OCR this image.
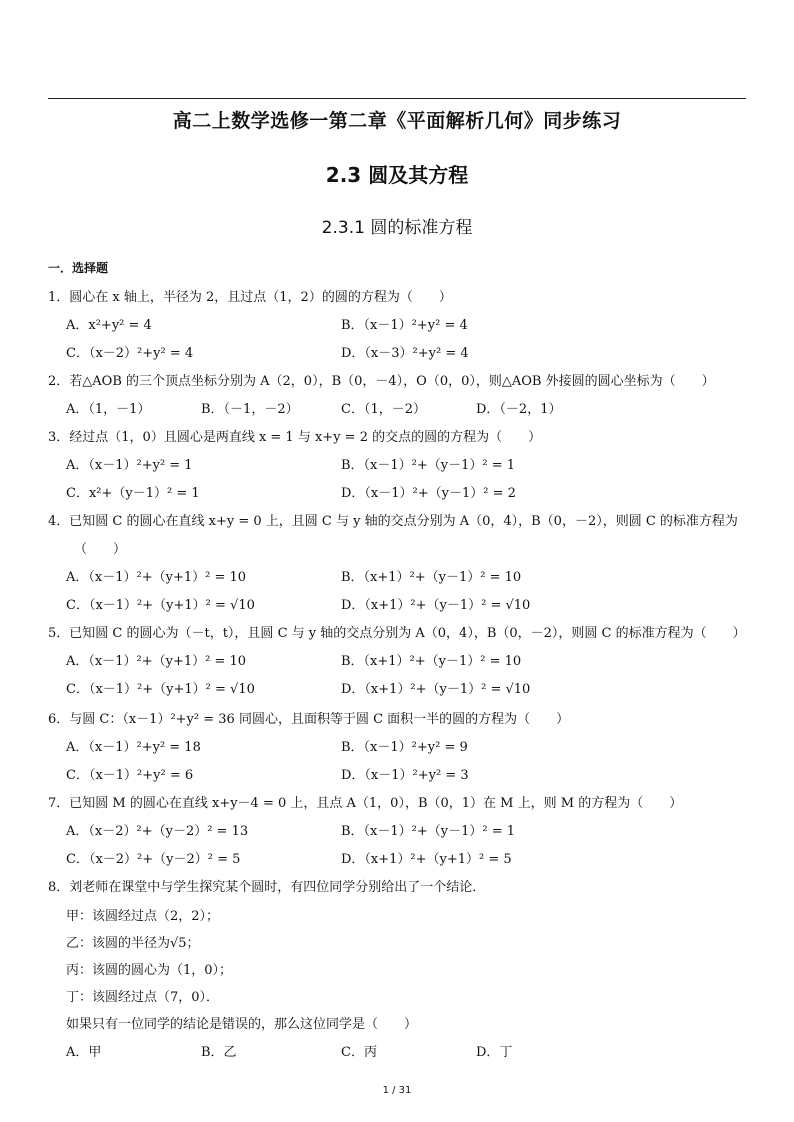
高二上数学选修一第二章《平面解析几何》同步练习
2.3 圆及其方程
2.3.1 圆的标准方程
一．选择题
1．圆心在 x 轴上，半径为 2，且过点（1，2）的圆的方程为（　　）
A．x²+y² = 4	B．（x－1）²+y² = 4
C．（x－2）²+y² = 4	D．（x－3）²+y² = 4
2．若△AOB 的三个顶点坐标分别为 A（2，0），B（0，－4），O（0，0），则△AOB 外接圆的圆心坐标为（　　）
A．（1，－1）	B．（－1，－2）	C．（1，－2）	D．（－2，1）
3．经过点（1，0）且圆心是两直线 x = 1 与 x+y = 2 的交点的圆的方程为（　　）
A．（x－1）²+y² = 1	B．（x－1）²+（y－1）² = 1
C．x²+（y－1）² = 1	D．（x－1）²+（y－1）² = 2
4．已知圆 C 的圆心在直线 x+y = 0 上，且圆 C 与 y 轴的交点分别为 A（0，4），B（0，－2），则圆 C 的标准方程为
（　　）
A．（x－1）²+（y+1）² = 10	B．（x+1）²+（y－1）² = 10
C．（x－1）²+（y+1）² = √10	D．（x+1）²+（y－1）² = √10
5．已知圆 C 的圆心为（－t，t），且圆 C 与 y 轴的交点分别为 A（0，4），B（0，－2），则圆 C 的标准方程为（　　）
A．（x－1）²+（y+1）² = 10	B．（x+1）²+（y－1）² = 10
C．（x－1）²+（y+1）² = √10	D．（x+1）²+（y－1）² = √10
6．与圆 C：（x－1）²+y² = 36 同圆心，且面积等于圆 C 面积一半的圆的方程为（　　）
A．（x－1）²+y² = 18	B．（x－1）²+y² = 9
C．（x－1）²+y² = 6	D．（x－1）²+y² = 3
7．已知圆 M 的圆心在直线 x+y－4 = 0 上，且点 A（1，0），B（0，1）在 M 上，则 M 的方程为（　　）
A．（x－2）²+（y－2）² = 13	B．（x－1）²+（y－1）² = 1
C．（x－2）²+（y－2）² = 5	D．（x+1）²+（y+1）² = 5
8．刘老师在课堂中与学生探究某个圆时，有四位同学分别给出了一个结论．
甲：该圆经过点（2，2）；
乙：该圆的半径为√5；
丙：该圆的圆心为（1，0）；
丁：该圆经过点（7，0）．
如果只有一位同学的结论是错误的，那么这位同学是（　　）
A．甲	B．乙	C．丙	D．丁
1 / 31
